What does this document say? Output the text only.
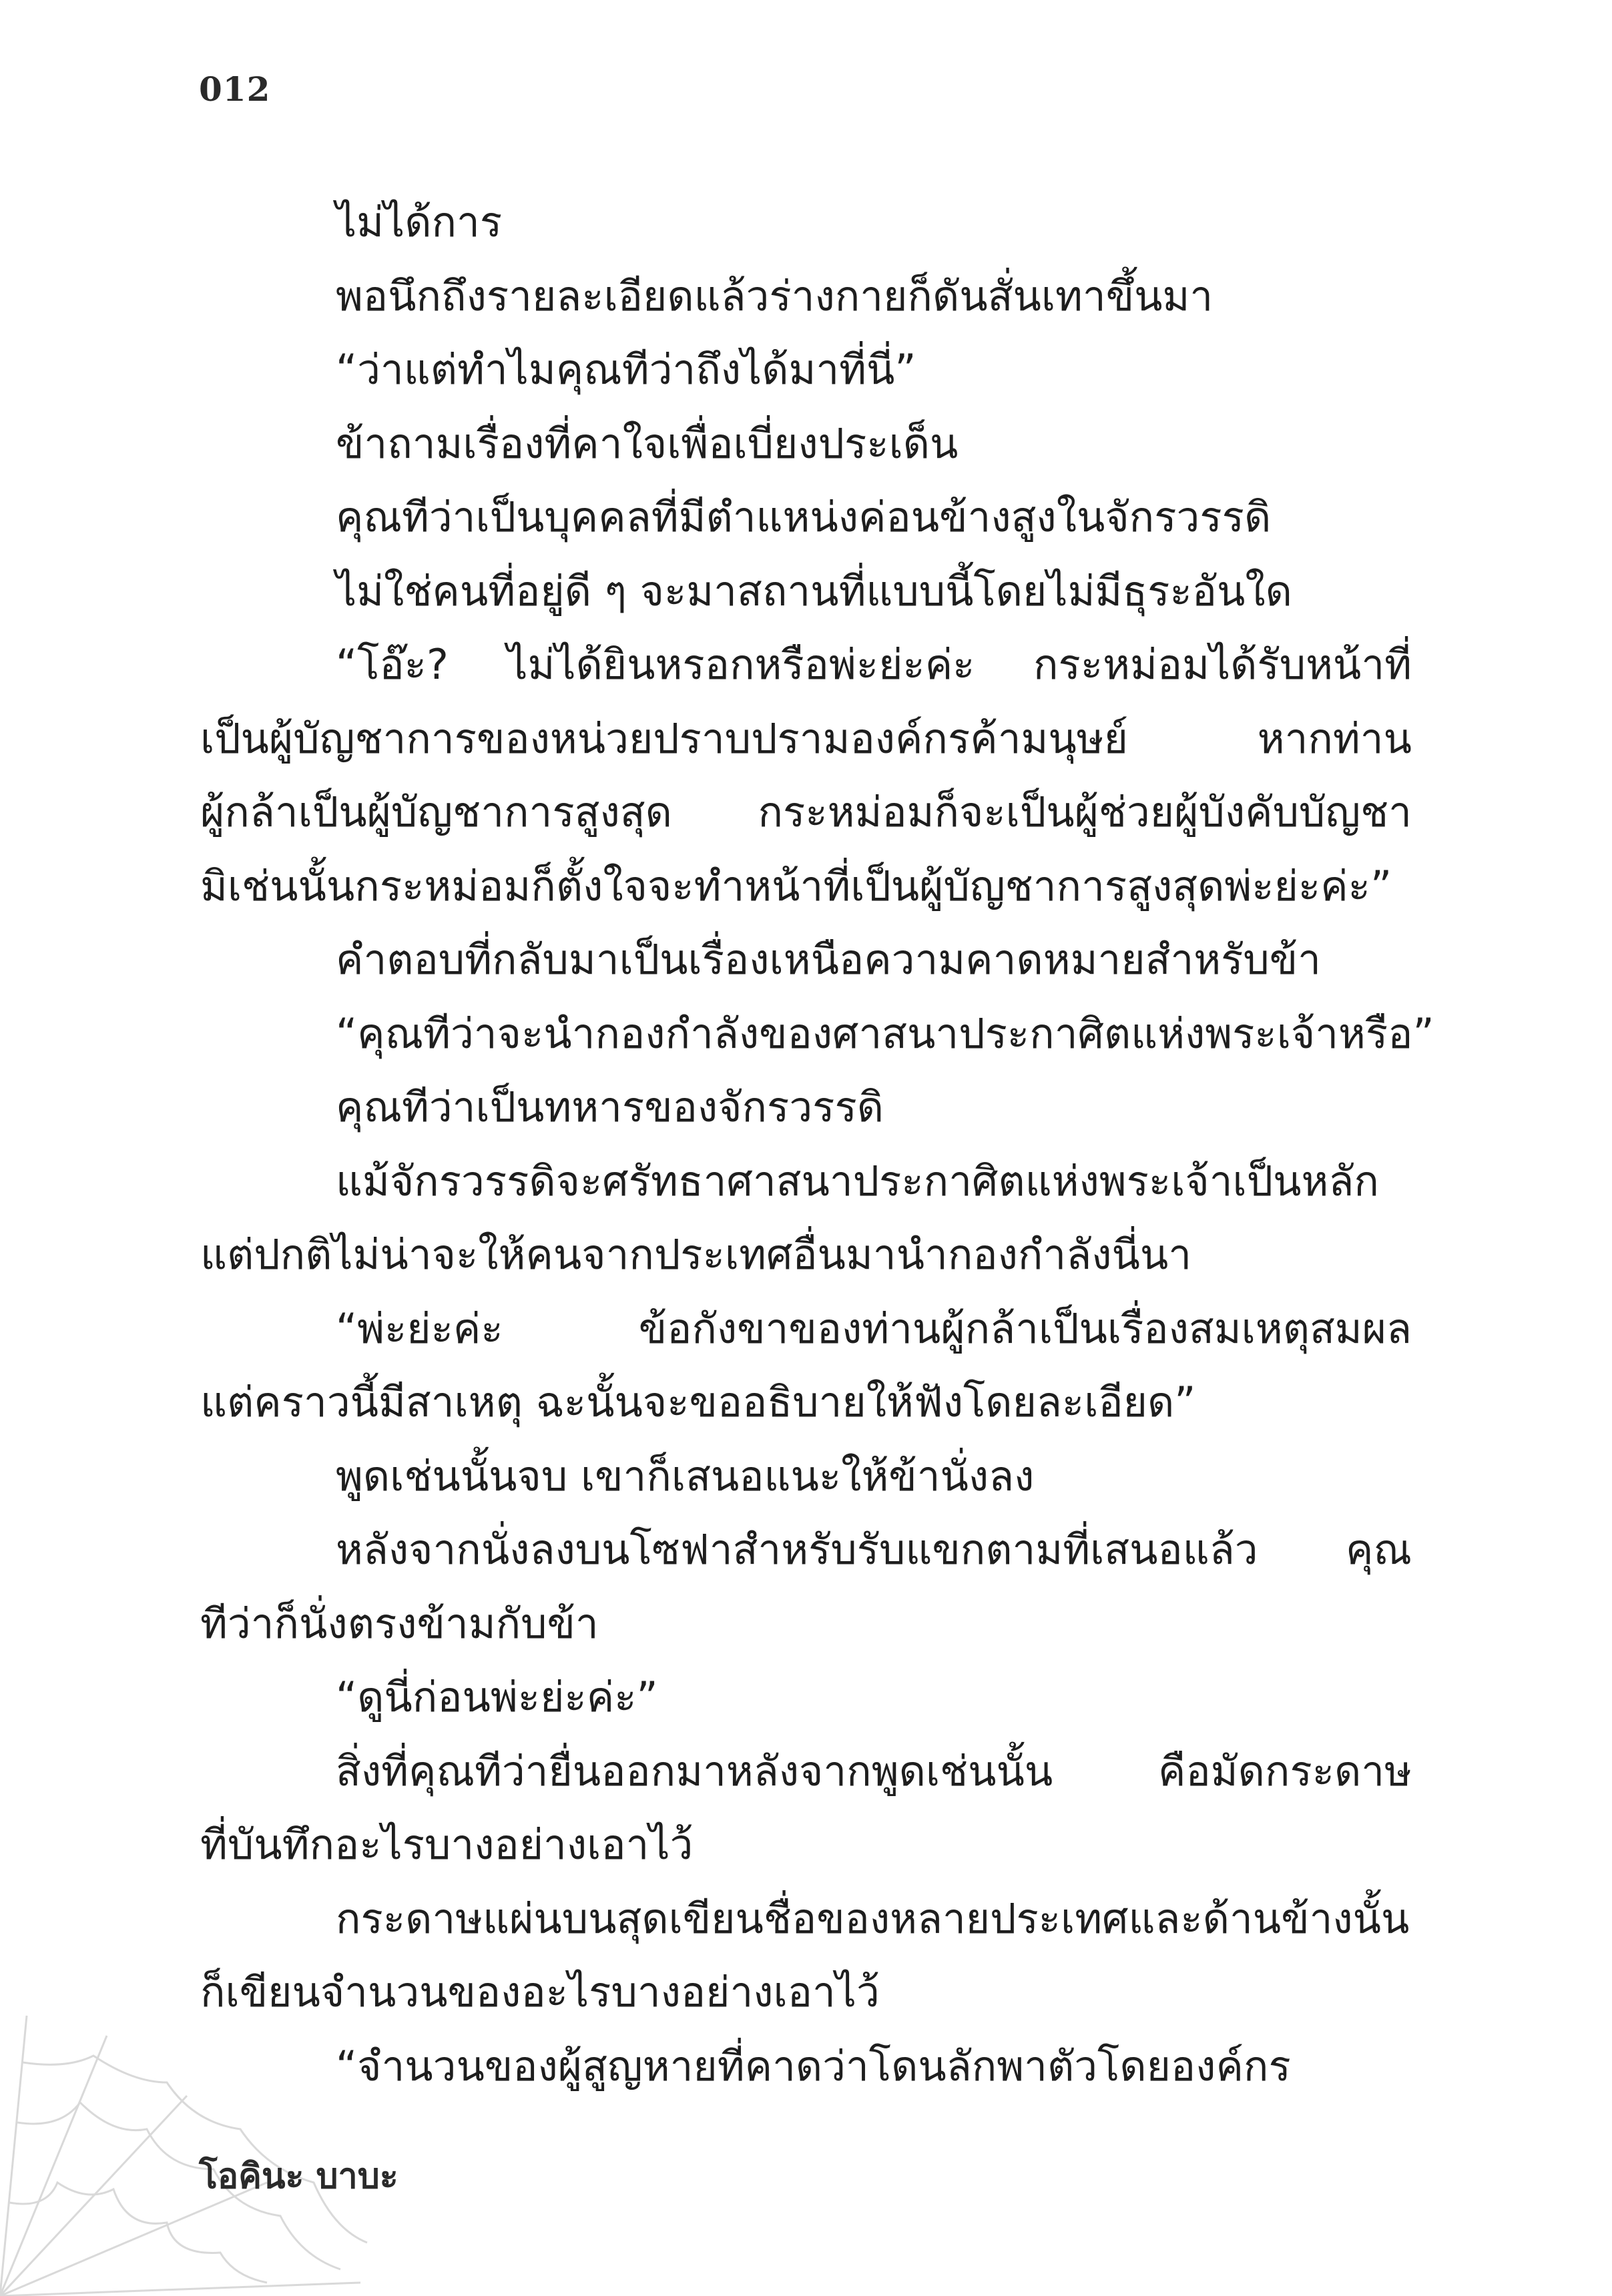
012
ไม่ได้การ
พอนึกถึงรายละเอียดแล้วร่างกายก็ดันสั่นเทาขึ้นมา
“ว่าแต่ทำไมคุณทีว่าถึงได้มาที่นี่”
ข้าถามเรื่องที่คาใจเพื่อเบี่ยงประเด็น
คุณทีว่าเป็นบุคคลที่มีตำแหน่งค่อนข้างสูงในจักรวรรดิ
ไม่ใช่คนที่อยู่ดี ๆ จะมาสถานที่แบบนี้โดยไม่มีธุระอันใด
“โอ๊ะ? ไม่ได้ยินหรอกหรือพ่ะย่ะค่ะ กระหม่อมได้รับหน้าที่
เป็นผู้บัญชาการของหน่วยปราบปรามองค์กรค้ามนุษย์ หากท่าน
ผู้กล้าเป็นผู้บัญชาการสูงสุด กระหม่อมก็จะเป็นผู้ช่วยผู้บังคับบัญชา
มิเช่นนั้นกระหม่อมก็ตั้งใจจะทำหน้าที่เป็นผู้บัญชาการสูงสุดพ่ะย่ะค่ะ”
คำตอบที่กลับมาเป็นเรื่องเหนือความคาดหมายสำหรับข้า
“คุณทีว่าจะนำกองกำลังของศาสนาประกาศิตแห่งพระเจ้าหรือ”
คุณทีว่าเป็นทหารของจักรวรรดิ
แม้จักรวรรดิจะศรัทธาศาสนาประกาศิตแห่งพระเจ้าเป็นหลัก
แต่ปกติไม่น่าจะให้คนจากประเทศอื่นมานำกองกำลังนี่นา
“พ่ะย่ะค่ะ ข้อกังขาของท่านผู้กล้าเป็นเรื่องสมเหตุสมผล
แต่คราวนี้มีสาเหตุ ฉะนั้นจะขออธิบายให้ฟังโดยละเอียด”
พูดเช่นนั้นจบ เขาก็เสนอแนะให้ข้านั่งลง
หลังจากนั่งลงบนโซฟาสำหรับรับแขกตามที่เสนอแล้ว คุณ
ทีว่าก็นั่งตรงข้ามกับข้า
“ดูนี่ก่อนพ่ะย่ะค่ะ”
สิ่งที่คุณทีว่ายื่นออกมาหลังจากพูดเช่นนั้น คือมัดกระดาษ
ที่บันทึกอะไรบางอย่างเอาไว้
กระดาษแผ่นบนสุดเขียนชื่อของหลายประเทศและด้านข้างนั้น
ก็เขียนจำนวนของอะไรบางอย่างเอาไว้
“จำนวนของผู้สูญหายที่คาดว่าโดนลักพาตัวโดยองค์กร
โอคินะ บาบะ
